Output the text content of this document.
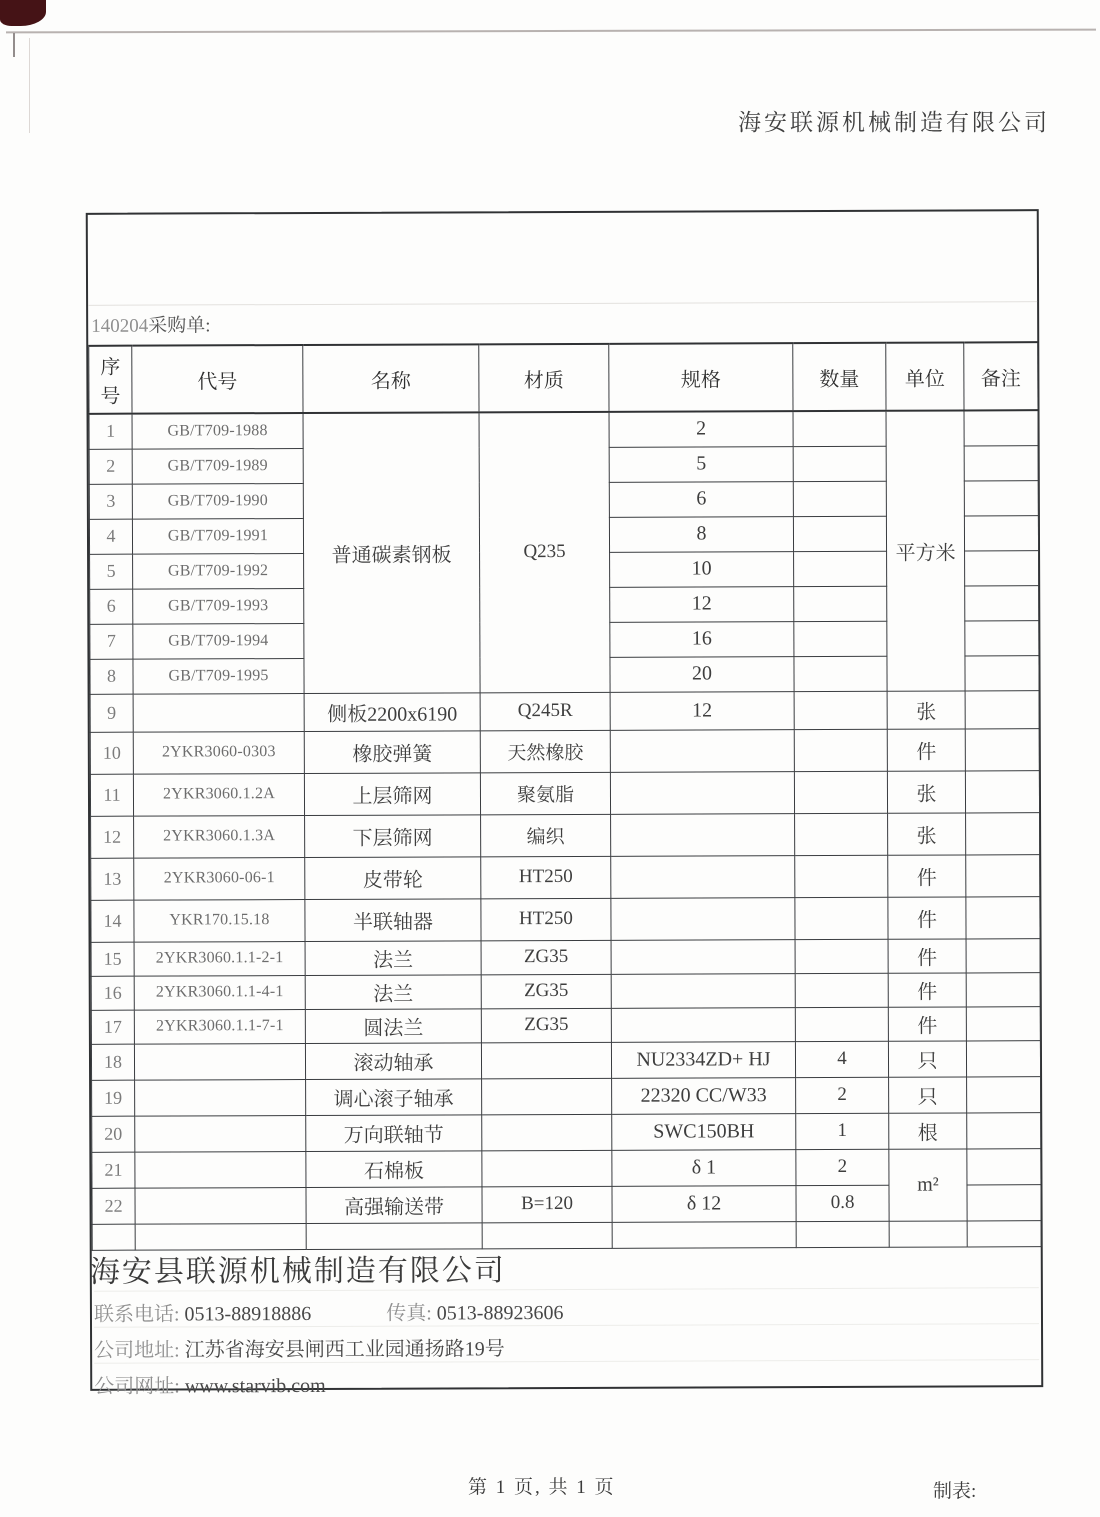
海安联源机械制造有限公司
140204采购单:
序号	代号	名称	材质	规格	数量	单位	备注
1	GB/T709-1988	普通碳素钢板	Q235	2		平方米	
2	GB/T709-1989			5			
3	GB/T709-1990			6			
4	GB/T709-1991			8			
5	GB/T709-1992			10			
6	GB/T709-1993			12			
7	GB/T709-1994			16			
8	GB/T709-1995			20			
9		侧板2200x6190	Q245R	12		张	
10	2YKR3060-0303	橡胶弹簧	天然橡胶			件	
11	2YKR3060.1.2A	上层筛网	聚氨脂			张	
12	2YKR3060.1.3A	下层筛网	编织			张	
13	2YKR3060-06-1	皮带轮	HT250			件	
14	YKR170.15.18	半联轴器	HT250			件	
15	2YKR3060.1.1-2-1	法兰	ZG35			件	
16	2YKR3060.1.1-4-1	法兰	ZG35			件	
17	2YKR3060.1.1-7-1	圆法兰	ZG35			件	
18		滚动轴承		NU2334ZD+ HJ	4	只	
19		调心滚子轴承		22320 CC/W33	2	只	
20		万向联轴节		SWC150BH	1	根	
21		石棉板		δ 1	2	m²	
22		高强输送带	B=120	δ 12	0.8		

海安县联源机械制造有限公司
联系电话: 0513-88918886	传真: 0513-88923606
公司地址: 江苏省海安县闸西工业园通扬路19号
公司网址: www.starvib.com
第 1 页, 共 1 页	制表:
